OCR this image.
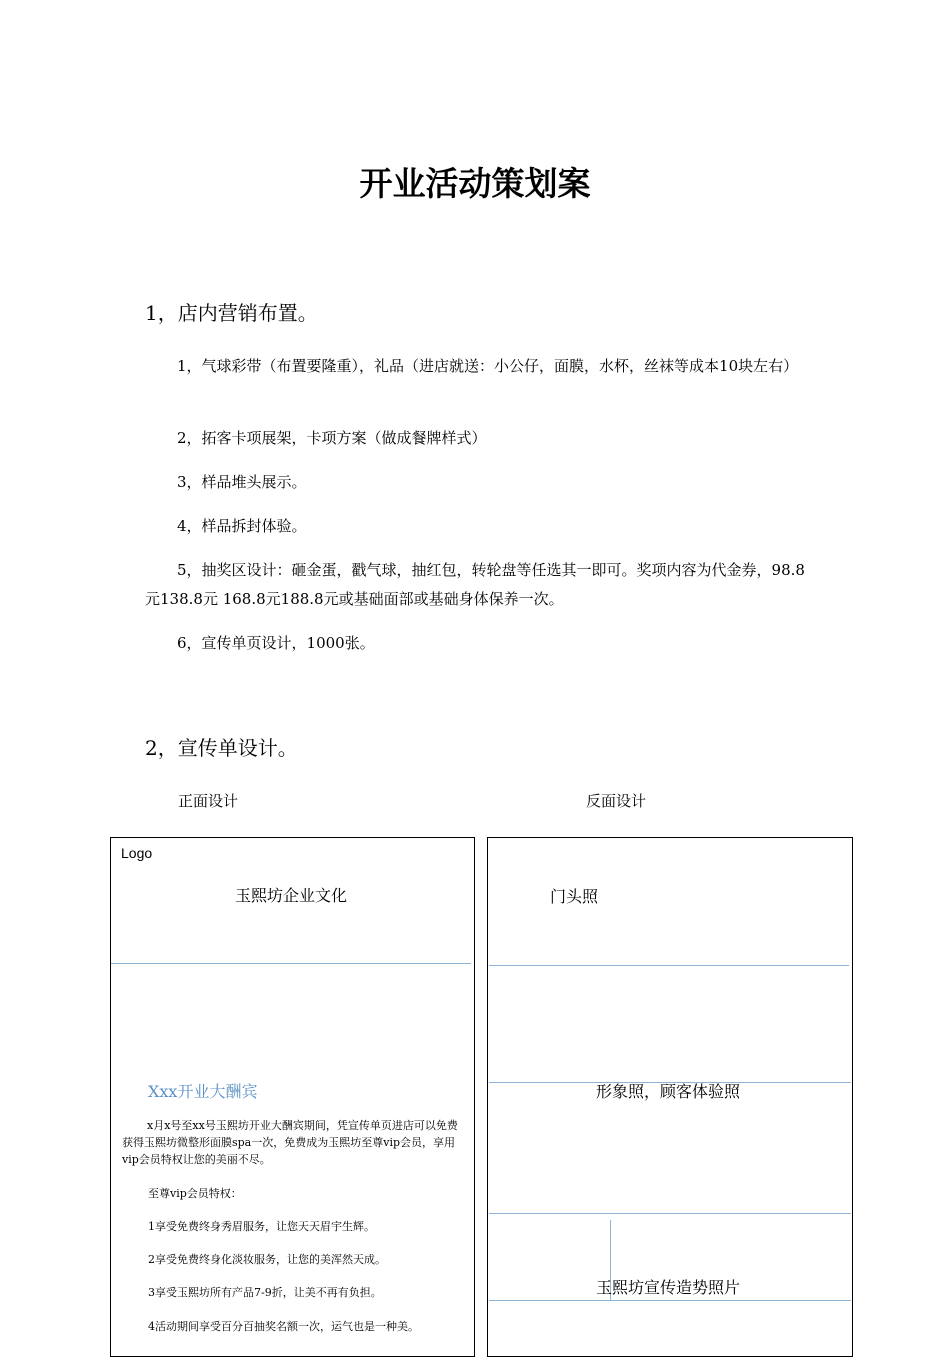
开业活动策划案
1，店内营销布置。
1，气球彩带（布置要隆重），礼品（进店就送：小公仔，面膜，水杯，丝袜等成本10块左右）
2，拓客卡项展架，卡项方案（做成餐牌样式）
3，样品堆头展示。
4，样品拆封体验。
5，抽奖区设计：砸金蛋，戳气球，抽红包，转轮盘等任选其一即可。奖项内容为代金券，98.8元138.8元 168.8元188.8元或基础面部或基础身体保养一次。
6，宣传单页设计，1000张。
2，宣传单设计。
正面设计	反面设计
Logo
玉熙坊企业文化
Xxx开业大酬宾
x月x号至xx号玉熙坊开业大酬宾期间，凭宣传单页进店可以免费获得玉熙坊微整形面膜spa一次，免费成为玉熙坊至尊vip会员，享用vip会员特权让您的美丽不尽。
至尊vip会员特权：
1享受免费终身秀眉服务，让您天天眉宇生辉。
2享受免费终身化淡妆服务，让您的美浑然天成。
3享受玉熙坊所有产品7-9折，让美不再有负担。
4活动期间享受百分百抽奖名额一次，运气也是一种美。
门头照
形象照，顾客体验照
玉熙坊宣传造势照片
